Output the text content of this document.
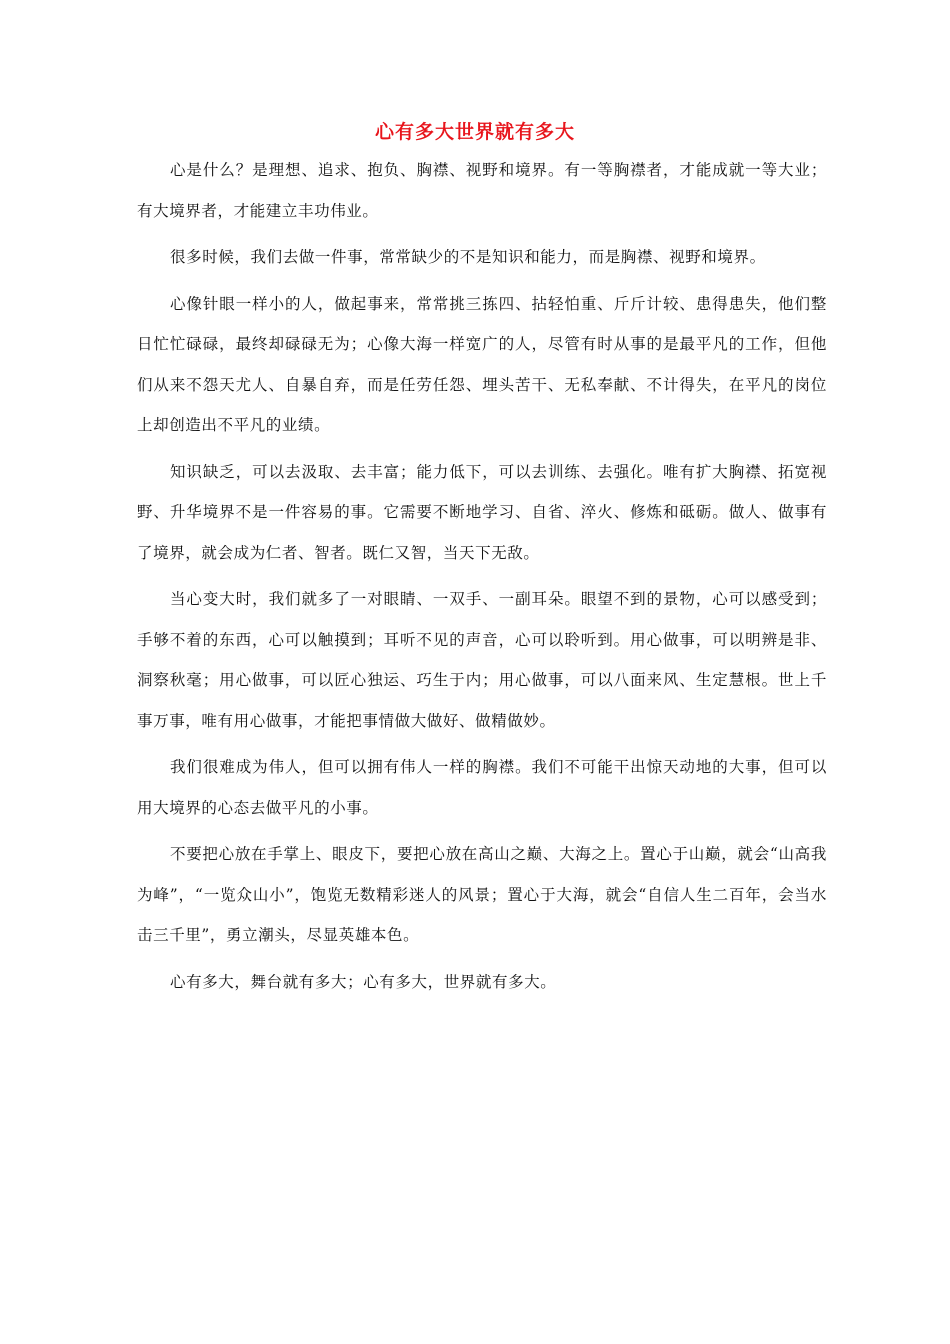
心有多大世界就有多大

心是什么？是理想、追求、抱负、胸襟、视野和境界。有一等胸襟者，才能成就一等大业；有大境界者，才能建立丰功伟业。

很多时候，我们去做一件事，常常缺少的不是知识和能力，而是胸襟、视野和境界。

心像针眼一样小的人，做起事来，常常挑三拣四、拈轻怕重、斤斤计较、患得患失，他们整日忙忙碌碌，最终却碌碌无为；心像大海一样宽广的人，尽管有时从事的是最平凡的工作，但他们从来不怨天尤人、自暴自弃，而是任劳任怨、埋头苦干、无私奉献、不计得失，在平凡的岗位上却创造出不平凡的业绩。

知识缺乏，可以去汲取、去丰富；能力低下，可以去训练、去强化。唯有扩大胸襟、拓宽视野、升华境界不是一件容易的事。它需要不断地学习、自省、淬火、修炼和砥砺。做人、做事有了境界，就会成为仁者、智者。既仁又智，当天下无敌。

当心变大时，我们就多了一对眼睛、一双手、一副耳朵。眼望不到的景物，心可以感受到；手够不着的东西，心可以触摸到；耳听不见的声音，心可以聆听到。用心做事，可以明辨是非、洞察秋毫；用心做事，可以匠心独运、巧生于内；用心做事，可以八面来风、生定慧根。世上千事万事，唯有用心做事，才能把事情做大做好、做精做妙。

我们很难成为伟人，但可以拥有伟人一样的胸襟。我们不可能干出惊天动地的大事，但可以用大境界的心态去做平凡的小事。

不要把心放在手掌上、眼皮下，要把心放在高山之巅、大海之上。置心于山巅，就会“山高我为峰”，“一览众山小”，饱览无数精彩迷人的风景；置心于大海，就会“自信人生二百年，会当水击三千里”，勇立潮头，尽显英雄本色。

心有多大，舞台就有多大；心有多大，世界就有多大。
